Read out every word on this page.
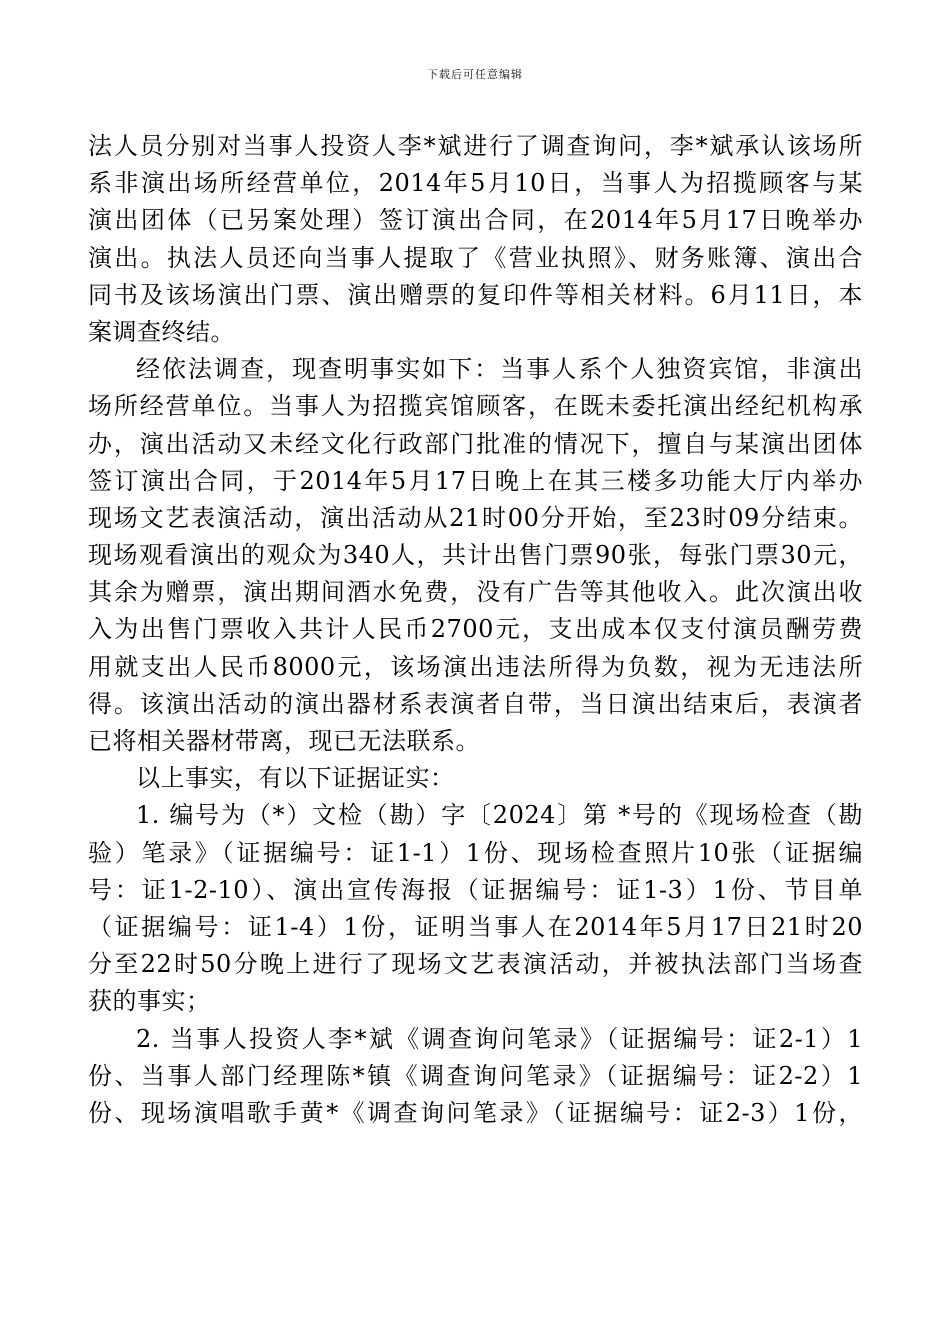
下载后可任意编辑
法人员分别对当事人投资人李*斌进行了调查询问，李*斌承认该场所
系非演出场所经营单位，2014年5月10日，当事人为招揽顾客与某
演出团体（已另案处理）签订演出合同，在2014年5月17日晚举办
演出。执法人员还向当事人提取了《营业执照》、财务账簿、演出合
同书及该场演出门票、演出赠票的复印件等相关材料。6月11日，本
案调查终结。
经依法调查，现查明事实如下：当事人系个人独资宾馆，非演出
场所经营单位。当事人为招揽宾馆顾客，在既未委托演出经纪机构承
办，演出活动又未经文化行政部门批准的情况下，擅自与某演出团体
签订演出合同，于2014年5月17日晚上在其三楼多功能大厅内举办
现场文艺表演活动，演出活动从21时00分开始，至23时09分结束。
现场观看演出的观众为340人，共计出售门票90张，每张门票30元，
其余为赠票，演出期间酒水免费，没有广告等其他收入。此次演出收
入为出售门票收入共计人民币2700元，支出成本仅支付演员酬劳费
用就支出人民币8000元，该场演出违法所得为负数，视为无违法所
得。该演出活动的演出器材系表演者自带，当日演出结束后，表演者
已将相关器材带离，现已无法联系。
以上事实，有以下证据证实：
1. 编号为（*）文检（勘）字〔2024〕第 *号的《现场检查（勘
验）笔录》（证据编号：证1-1）1份、现场检查照片10张（证据编
号：证1-2-10）、演出宣传海报（证据编号：证1-3）1份、节目单
（证据编号：证1-4）1份，证明当事人在2014年5月17日21时20
分至22时50分晚上进行了现场文艺表演活动，并被执法部门当场查
获的事实；
2. 当事人投资人李*斌《调查询问笔录》（证据编号：证2-1）1
份、当事人部门经理陈*镇《调查询问笔录》（证据编号：证2-2）1
份、现场演唱歌手黄*《调查询问笔录》（证据编号：证2-3）1份，
